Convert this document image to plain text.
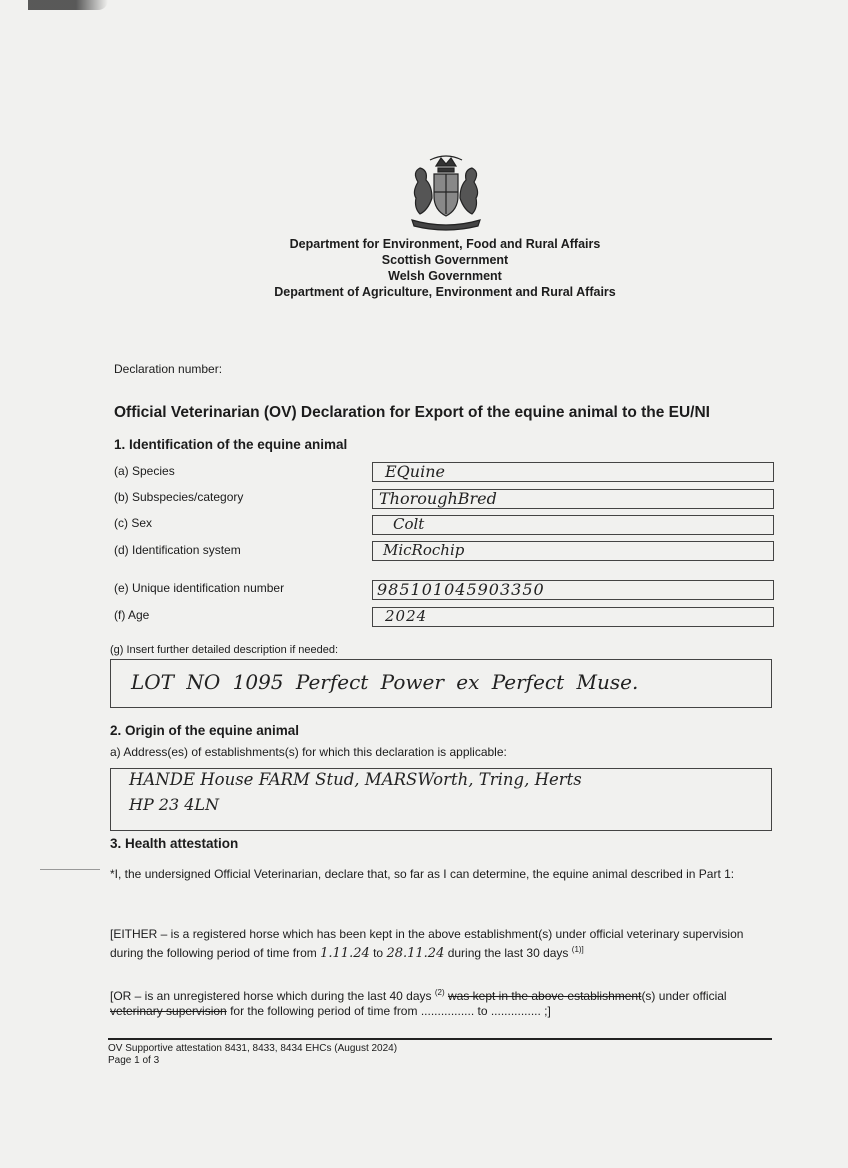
Department for Environment, Food and Rural Affairs
Scottish Government
Welsh Government
Department of Agriculture, Environment and Rural Affairs
Declaration number:
Official Veterinarian (OV) Declaration for Export of the equine animal to the EU/NI
1. Identification of the equine animal
(a) Species	EQuine
(b) Subspecies/category	ThoroughBred
(c) Sex	Colt
(d) Identification system	MicRochip
(e) Unique identification number	985101045903350
(f) Age	2024
(g) Insert further detailed description if needed:
LOT NO 1095 Perfect Power ex Perfect Muse.
2. Origin of the equine animal
a) Address(es) of establishments(s) for which this declaration is applicable:
HANDE House FARM Stud, MARSWorth, Tring, Herts
HP 23 4LN
3. Health attestation
*I, the undersigned Official Veterinarian, declare that, so far as I can determine, the equine animal described in Part 1:
[EITHER – is a registered horse which has been kept in the above establishment(s) under official veterinary supervision during the following period of time from 1.11.24 to 28.11.24 during the last 30 days $^{(1)]}$
[OR – is an unregistered horse which during the last 40 days $^{(2)}$ was kept in the above establishment(s) under official veterinary supervision for the following period of time from ................ to ............... ;]
OV Supportive attestation 8431, 8433, 8434 EHCs (August 2024)
Page 1 of 3
